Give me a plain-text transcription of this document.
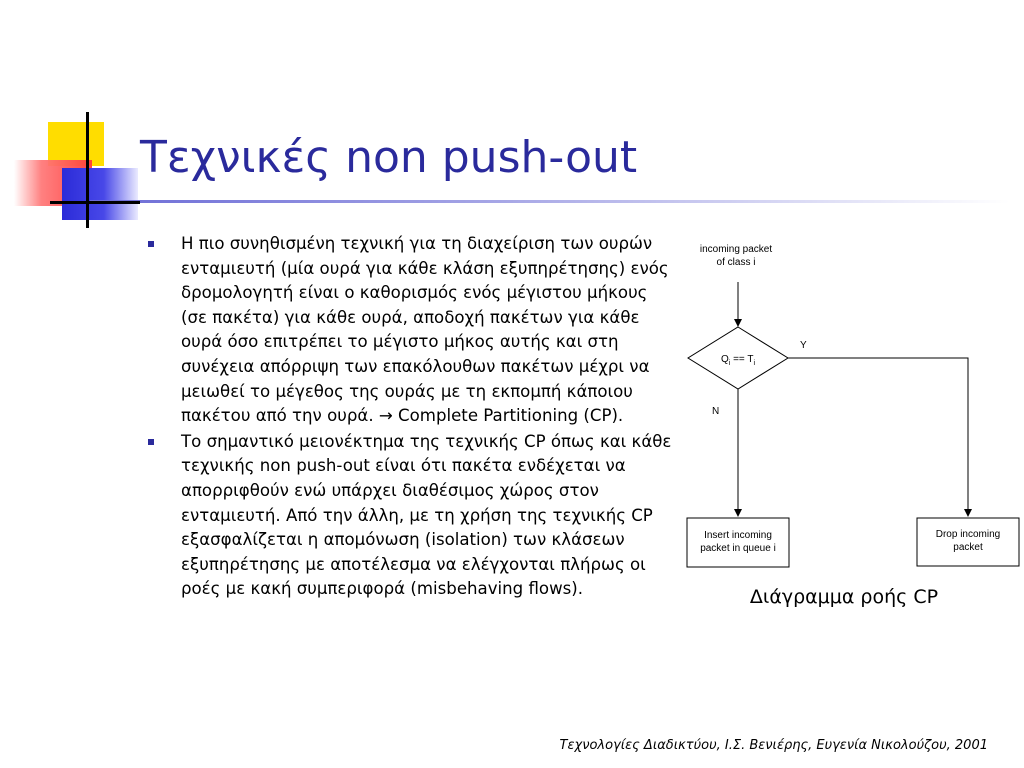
Τεχνικές non push-out
Η πιο συνηθισμένη τεχνική για τη διαχείριση των ουρών ενταμιευτή (μία ουρά για κάθε κλάση εξυπηρέτησης) ενός δρομολογητή είναι ο καθορισμός ενός μέγιστου μήκους (σε πακέτα) για κάθε ουρά, αποδοχή πακέτων για κάθε ουρά όσο επιτρέπει το μέγιστο μήκος αυτής και στη συνέχεια απόρριψη των επακόλουθων πακέτων μέχρι να μειωθεί το μέγεθος της ουράς με τη εκπομπή κάποιου πακέτου από την ουρά. → Complete Partitioning (CP).
Το σημαντικό μειονέκτημα της τεχνικής CP όπως και κάθε τεχνικής non push-out είναι ότι πακέτα ενδέχεται να απορριφθούν ενώ υπάρχει διαθέσιμος χώρος στον ενταμιευτή. Από την άλλη, με τη χρήση της τεχνικής CP εξασφαλίζεται η απομόνωση (isolation) των κλάσεων εξυπηρέτησης με αποτέλεσμα να ελέγχονται πλήρως οι ροές με κακή συμπεριφορά (misbehaving flows).
incoming packet
of class i
$Q_i == T_i$
Y
N
Insert incoming
packet in queue i
Drop incoming
packet
Διάγραμμα ροής CP
Τεχνολογίες Διαδικτύου, Ι.Σ. Βενιέρης, Ευγενία Νικολούζου, 2001
